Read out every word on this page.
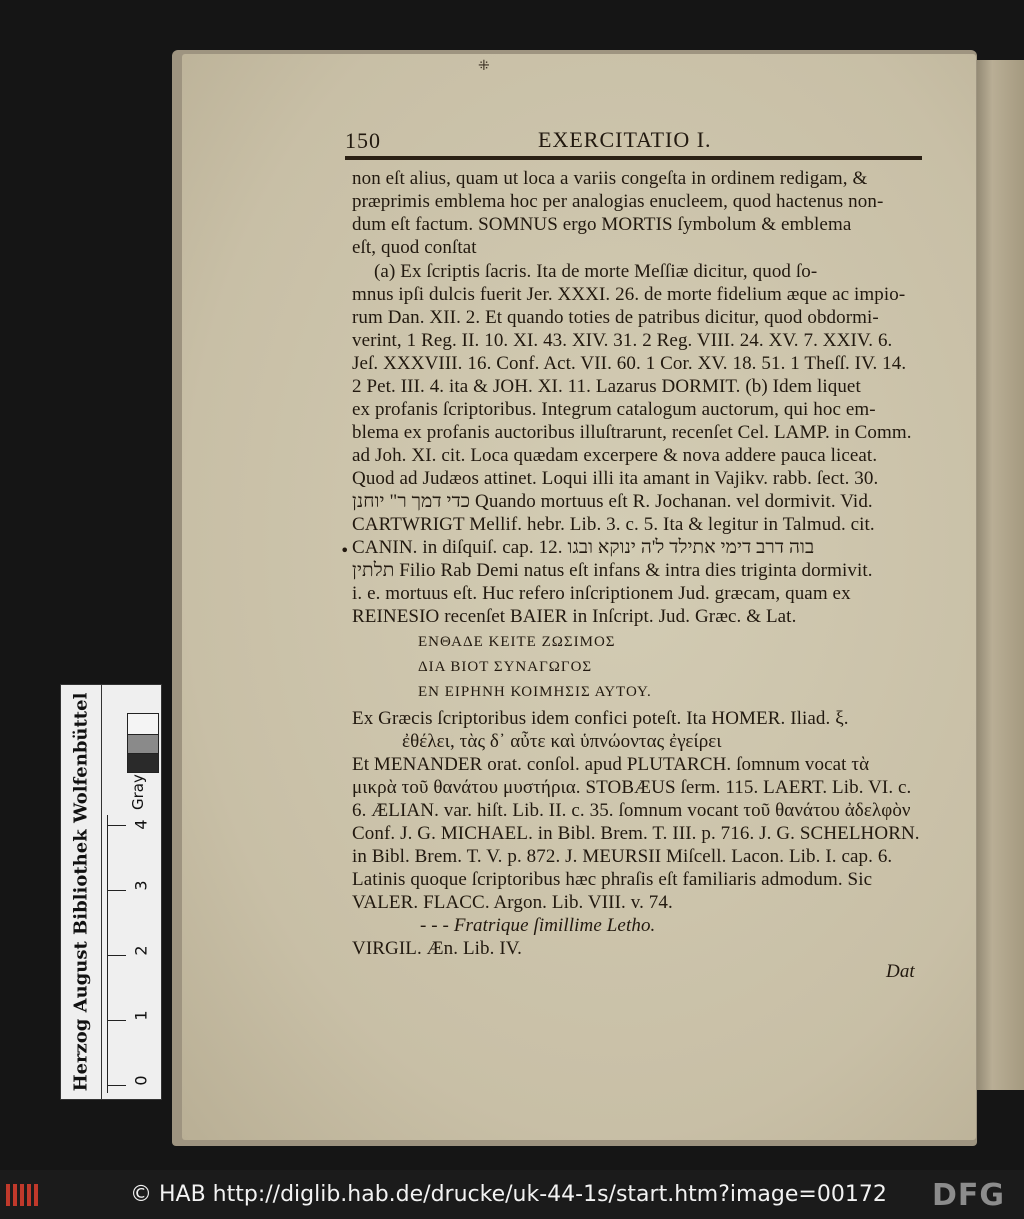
⁜
150	EXERCITATIO I.
non eſt alius, quam ut loca a variis congeſta in ordinem redigam, &
præprimis emblema hoc per analogias enucleem, quod hactenus non-
dum eſt factum. SOMNUS ergo MORTIS ſymbolum & emblema
eſt, quod conſtat
(a) Ex ſcriptis ſacris. Ita de morte Meſſiæ dicitur, quod ſo-
mnus ipſi dulcis fuerit Jer. XXXI. 26. de morte fidelium æque ac impio-
rum Dan. XII. 2. Et quando toties de patribus dicitur, quod obdormi-
verint, 1 Reg. II. 10. XI. 43. XIV. 31. 2 Reg. VIII. 24. XV. 7. XXIV. 6.
Jeſ. XXXVIII. 16. Conf. Act. VII. 60. 1 Cor. XV. 18. 51. 1 Theſſ. IV. 14.
2 Pet. III. 4. ita & JOH. XI. 11. Lazarus DORMIT. (b) Idem liquet
ex profanis ſcriptoribus. Integrum catalogum auctorum, qui hoc em-
blema ex profanis auctoribus illuſtrarunt, recenſet Cel. LAMP. in Comm.
ad Joh. XI. cit. Loca quædam excerpere & nova addere pauca liceat.
Quod ad Judæos attinet. Loqui illi ita amant in Vajikv. rabb. ſect. 30.
כדי דמך ר" יוחנן Quando mortuus eſt R. Jochanan. vel dormivit. Vid.
CARTWRIGT Mellif. hebr. Lib. 3. c. 5. Ita & legitur in Talmud. cit.
CANIN. in diſquiſ. cap. 12. בוה דרב דימי אתילד ל'ה ינוקא ובגו
•
תלתין Filio Rab Demi natus eſt infans & intra dies triginta dormivit.
i. e. mortuus eſt. Huc refero inſcriptionem Jud. græcam, quam ex
REINESIO recenſet BAIER in Inſcript. Jud. Græc. & Lat.
ΕΝΘΑΔΕ ΚΕΙΤΕ ΖΩΣΙΜΟΣ
ΔΙΑ ΒΙΟΤ ΣΥΝΑΓΩΓΟΣ
ΕΝ ΕΙΡΗΝΗ ΚΟΙΜΗΣΙΣ ΑΥΤΟΥ.
Ex Græcis ſcriptoribus idem confici poteſt. Ita HOMER. Iliad. ξ.
ἐθέλει, τὰς δ᾽ αὖτε καὶ ὑπνώοντας ἐγείρει
Et MENANDER orat. conſol. apud PLUTARCH. ſomnum vocat τὰ
μικρὰ τοῦ θανάτου μυστήρια. STOBÆUS ſerm. 115. LAERT. Lib. VI. c.
6. ÆLIAN. var. hiſt. Lib. II. c. 35. ſomnum vocant τοῦ θανάτου ἀδελφὸν
Conf. J. G. MICHAEL. in Bibl. Brem. T. III. p. 716. J. G. SCHELHORN.
in Bibl. Brem. T. V. p. 872. J. MEURSII Miſcell. Lacon. Lib. I. cap. 6.
Latinis quoque ſcriptoribus hæc phraſis eſt familiaris admodum. Sic
VALER. FLACC. Argon. Lib. VIII. v. 74.
- - - Fratrique ſimillime Letho.
VIRGIL. Æn. Lib. IV.
Dat
Herzog August Bibliothek Wolfenbüttel	0
1
2
3
4
© HAB http://diglib.hab.de/drucke/uk-44-1s/start.htm?image=00172 DFG
